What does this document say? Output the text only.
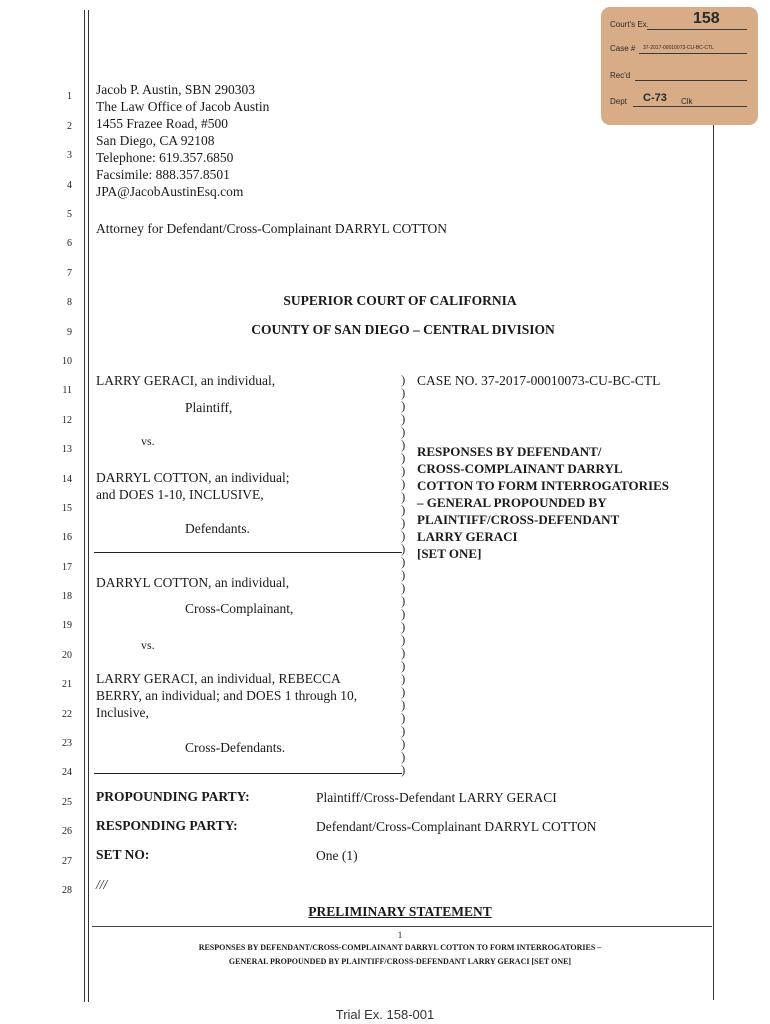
Court's Ex.	158
Case # 37-2017-00010073-CU-BC-CTL
Rec'd
Dept C-73 Clk
1
2
3
4
5
6
7
8
9
10
11
12
13
14
15
16
17
18
19
20
21
22
23
24
25
26
27
28
Jacob P. Austin, SBN 290303
The Law Office of Jacob Austin
1455 Frazee Road, #500
San Diego, CA 92108
Telephone: 619.357.6850
Facsimile: 888.357.8501
JPA@JacobAustinEsq.com
Attorney for Defendant/Cross-Complainant DARRYL COTTON
SUPERIOR COURT OF CALIFORNIA
COUNTY OF SAN DIEGO – CENTRAL DIVISION
LARRY GERACI, an individual,
Plaintiff,
vs.
DARRYL COTTON, an individual;
and DOES 1-10, INCLUSIVE,
Defendants.
DARRYL COTTON, an individual,
Cross-Complainant,
vs.
LARRY GERACI, an individual, REBECCA
BERRY, an individual; and DOES 1 through 10,
Inclusive,
Cross-Defendants.
)
)
)
)
)
)
)
)
)
)
)
)
)
)
)
)
)
)
)
)
)
)
)
)
)
)
)
)
)
)
)
CASE NO. 37-2017-00010073-CU-BC-CTL
RESPONSES BY DEFENDANT/
CROSS-COMPLAINANT DARRYL
COTTON TO FORM INTERROGATORIES
– GENERAL PROPOUNDED BY
PLAINTIFF/CROSS-DEFENDANT
LARRY GERACI
[SET ONE]
PROPOUNDING PARTY:	Plaintiff/Cross-Defendant LARRY GERACI
RESPONDING PARTY:	Defendant/Cross-Complainant DARRYL COTTON
SET NO:	One (1)
///
PRELIMINARY STATEMENT
1
RESPONSES BY DEFENDANT/CROSS-COMPLAINANT DARRYL COTTON TO FORM INTERROGATORIES –
GENERAL PROPOUNDED BY PLAINTIFF/CROSS-DEFENDANT LARRY GERACI [SET ONE]
Trial Ex. 158-001
